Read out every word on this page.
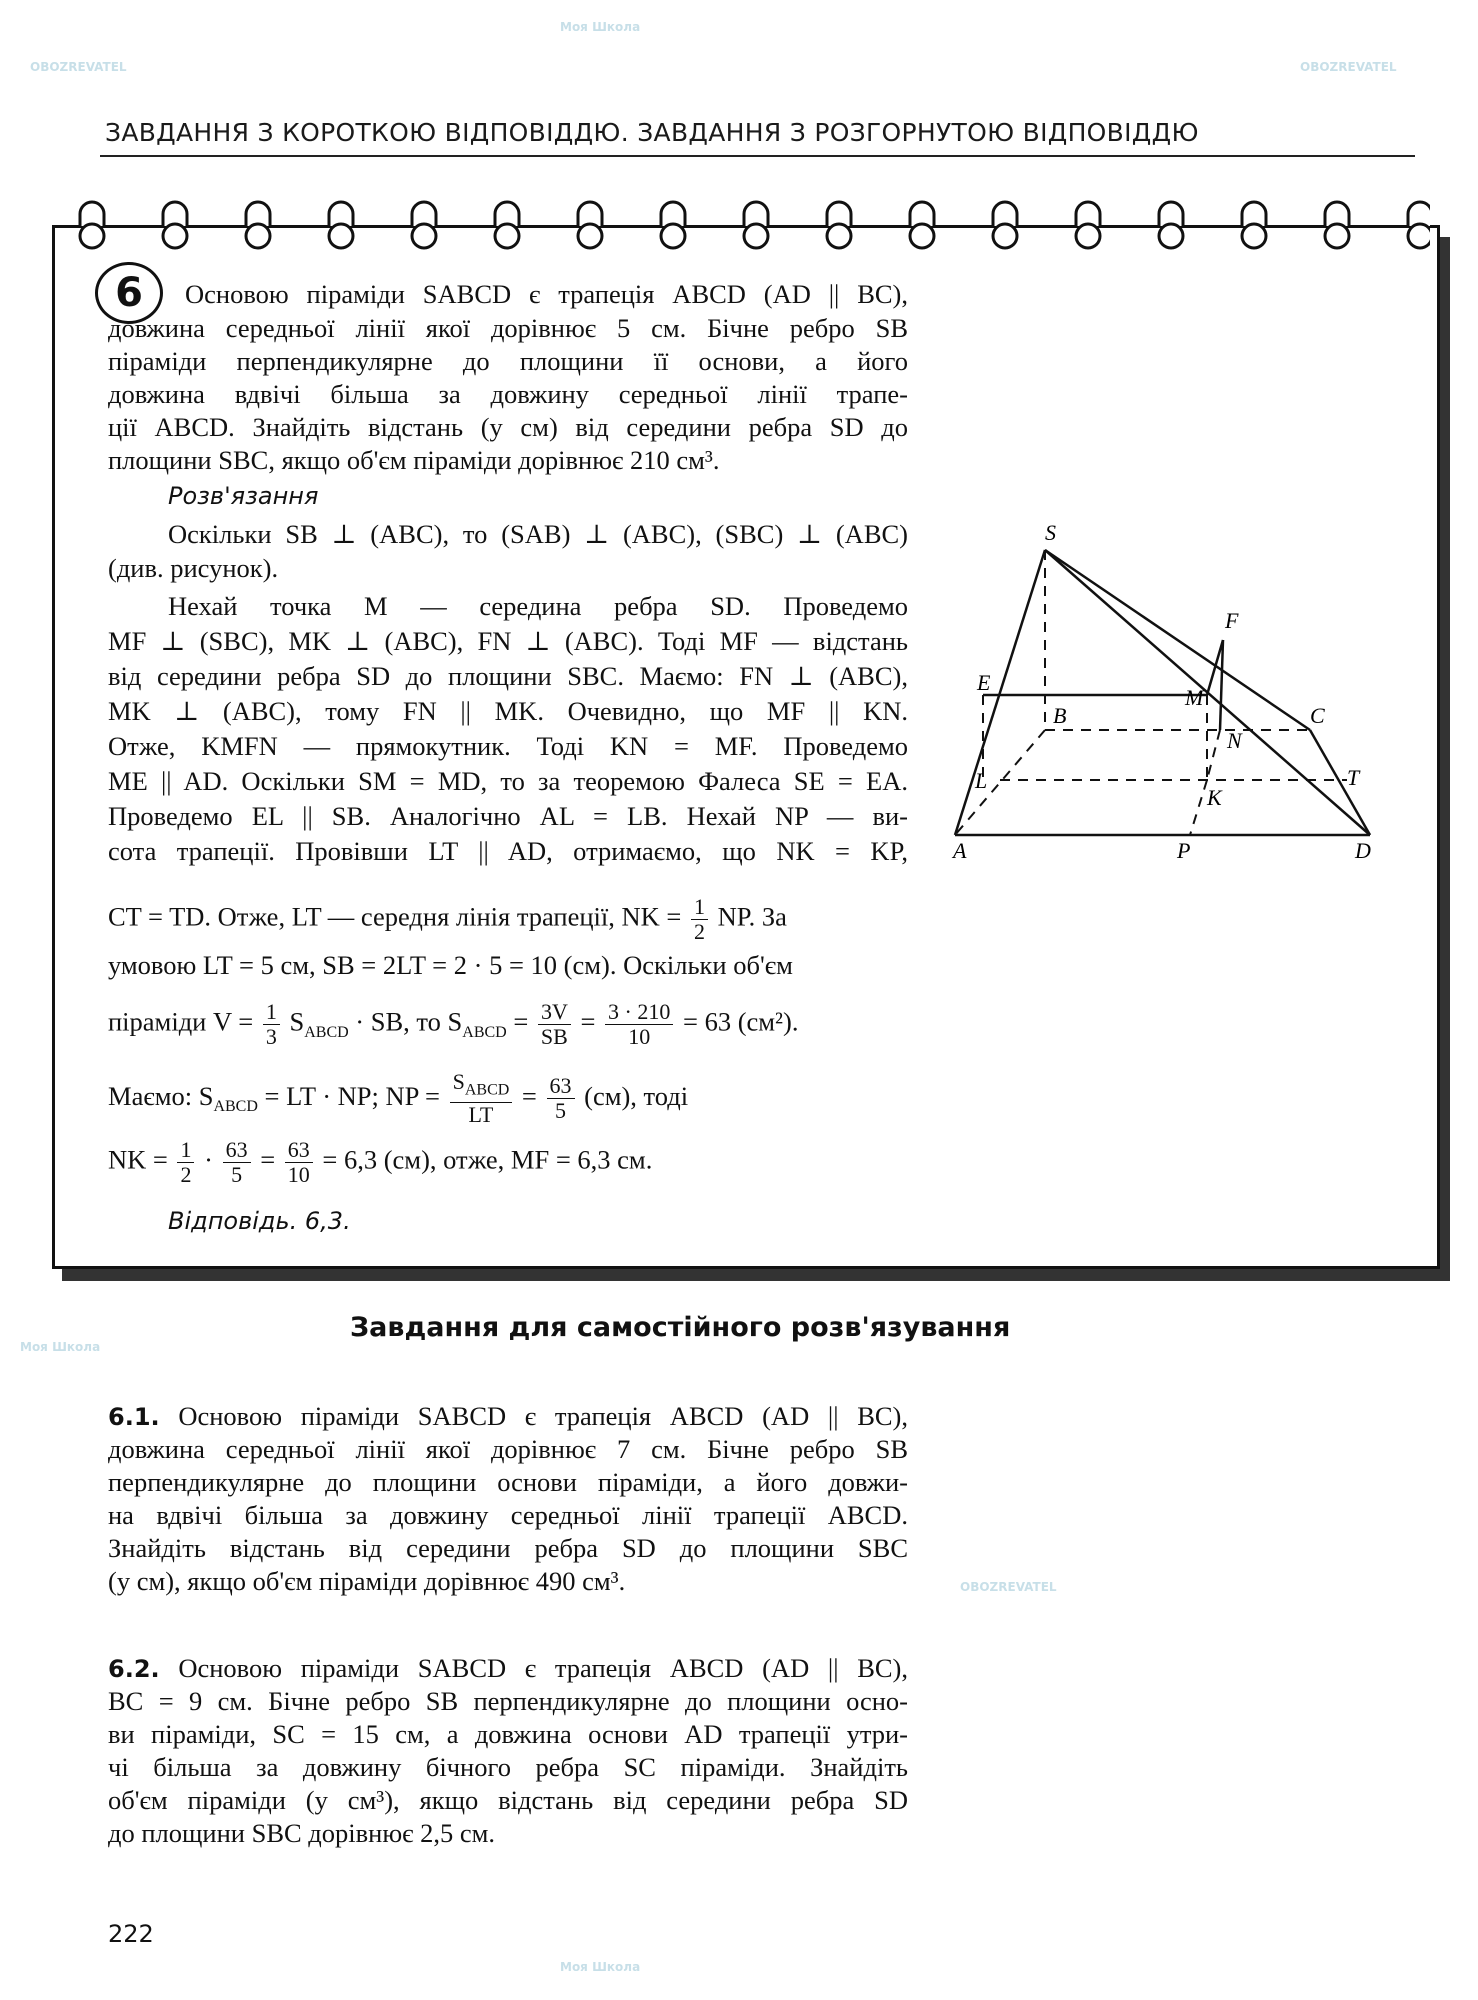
OBOZREVATEL
Моя Школа
OBOZREVATEL
Моя Школа
OBOZREVATEL
Моя Школа
ЗАВДАННЯ З КОРОТКОЮ ВІДПОВІДДЮ. ЗАВДАННЯ З РОЗГОРНУТОЮ ВІДПОВІДДЮ
6	Основою піраміди SABCD є трапеція ABCD (AD || BC),
довжина середньої лінії якої дорівнює 5 см. Бічне ребро SB
піраміди перпендикулярне до площини її основи, а його
довжина вдвічі більша за довжину середньої лінії трапе-
ції ABCD. Знайдіть відстань (у см) від середини ребра SD до
площини SBC, якщо об'єм піраміди дорівнює 210 см³.
Розв'язання
Оскільки SB ⊥ (ABC), то (SAB) ⊥ (ABC), (SBC) ⊥ (ABC)
(див. рисунок).
Нехай точка M — середина ребра SD. Проведемо
MF ⊥ (SBC), MK ⊥ (ABC), FN ⊥ (ABC). Тоді MF — відстань
від середини ребра SD до площини SBC. Маємо: FN ⊥ (ABC),
MK ⊥ (ABC), тому FN || MK. Очевидно, що MF || KN.
Отже, KMFN — прямокутник. Тоді KN = MF. Проведемо
ME || AD. Оскільки SM = MD, то за теоремою Фалеса SE = EA.
Проведемо EL || SB. Аналогічно AL = LB. Нехай NP — ви-
сота трапеції. Провівши LT || AD, отримаємо, що NK = KP,
CT = TD. Отже, LT — середня лінія трапеції, NK = $\frac{1}{2}$ NP. За
умовою LT = 5 см, SB = 2LT = 2 · 5 = 10 (см). Оскільки об'єм
піраміди $V = \frac{1}{3} S_{ABCD}$ · SB, то $S_{ABCD} = \frac{3V}{SB} = \frac{3 \cdot 210}{10} = 63$ (см²).
Маємо: $S_{ABCD}$ = LT · NP; NP = $\frac{S_{ABCD}}{LT} = \frac{63}{5} (см)$, тоді
NK = $\frac{1}{2} \cdot \frac{63}{5} = \frac{63}{10} = 6,3$ (см), отже, MF = 6,3 см.
Відповідь. 6,3.
S
F
E
B
M
C
N
L
K
T
A	P	D
Завдання для самостійного розв'язування
6.1. Основою піраміди SABCD є трапеція ABCD (AD || BC),
довжина середньої лінії якої дорівнює 7 см. Бічне ребро SB
перпендикулярне до площини основи піраміди, а його довжи-
на вдвічі більша за довжину середньої лінії трапеції ABCD.
Знайдіть відстань від середини ребра SD до площини SBC
(у см), якщо об'єм піраміди дорівнює 490 см³.
6.2. Основою піраміди SABCD є трапеція ABCD (AD || BC),
BC = 9 см. Бічне ребро SB перпендикулярне до площини осно-
ви піраміди, SC = 15 см, а довжина основи AD трапеції утри-
чі більша за довжину бічного ребра SC піраміди. Знайдіть
об'єм піраміди (у см³), якщо відстань від середини ребра SD
до площини SBC дорівнює 2,5 см.
222
